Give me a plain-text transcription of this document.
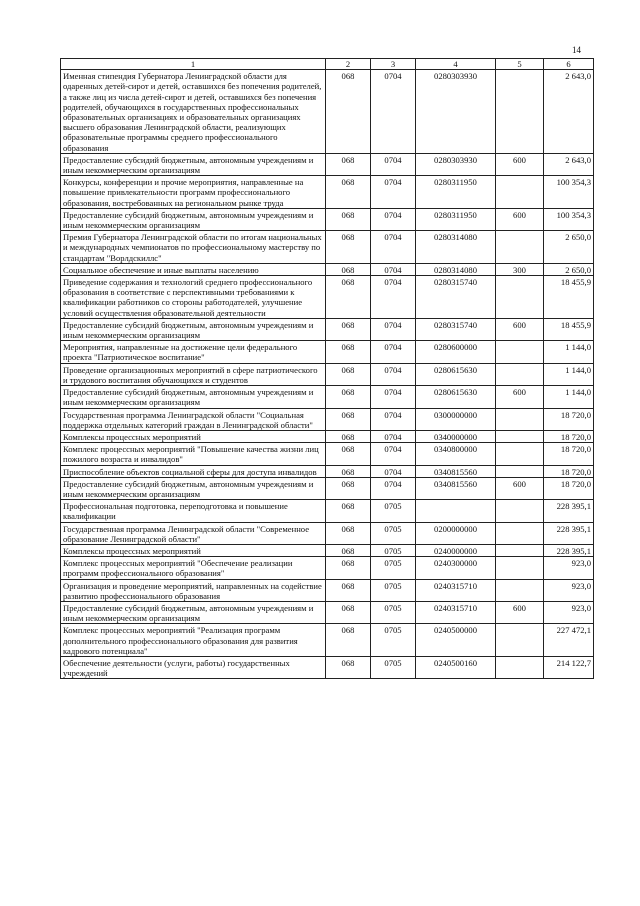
14
1	2	3	4	5	6
Именная стипендия Губернатора Ленинградской области для одаренных детей-сирот и детей, оставшихся без попечения родителей, а также лиц из числа детей-сирот и детей, оставшихся без попечения родителей, обучающихся в государственных профессиональных образовательных организациях и образовательных организациях высшего образования Ленинградской области, реализующих образовательные программы среднего профессионального образования	068	0704	0280303930		2 643,0
Предоставление субсидий бюджетным, автономным учреждениям и иным некоммерческим организациям	068	0704	0280303930	600	2 643,0
Конкурсы, конференции и прочие мероприятия, направленные на повышение привлекательности программ профессионального образования, востребованных на региональном рынке труда	068	0704	0280311950		100 354,3
Предоставление субсидий бюджетным, автономным учреждениям и иным некоммерческим организациям	068	0704	0280311950	600	100 354,3
Премия Губернатора Ленинградской области по итогам национальных и международных чемпионатов по профессиональному мастерству по стандартам "Ворлдскиллс"	068	0704	0280314080		2 650,0
Социальное обеспечение и иные выплаты населению	068	0704	0280314080	300	2 650,0
Приведение содержания и технологий среднего профессионального образования в соответствие с перспективными требованиями к квалификации работников со стороны работодателей, улучшение условий осуществления образовательной деятельности	068	0704	0280315740		18 455,9
Предоставление субсидий бюджетным, автономным учреждениям и иным некоммерческим организациям	068	0704	0280315740	600	18 455,9
Мероприятия, направленные на достижение цели федерального проекта "Патриотическое воспитание"	068	0704	0280600000		1 144,0
Проведение организационных мероприятий в сфере патриотического и трудового воспитания обучающихся и студентов	068	0704	0280615630		1 144,0
Предоставление субсидий бюджетным, автономным учреждениям и иным некоммерческим организациям	068	0704	0280615630	600	1 144,0
Государственная программа Ленинградской области "Социальная поддержка отдельных категорий граждан в Ленинградской области"	068	0704	0300000000		18 720,0
Комплексы процессных мероприятий	068	0704	0340000000		18 720,0
Комплекс процессных мероприятий "Повышение качества жизни лиц пожилого возраста и инвалидов"	068	0704	0340800000		18 720,0
Приспособление объектов социальной сферы для доступа инвалидов	068	0704	0340815560		18 720,0
Предоставление субсидий бюджетным, автономным учреждениям и иным некоммерческим организациям	068	0704	0340815560	600	18 720,0
Профессиональная подготовка, переподготовка и повышение квалификации	068	0705			228 395,1
Государственная программа Ленинградской области "Современное образование Ленинградской области"	068	0705	0200000000		228 395,1
Комплексы процессных мероприятий	068	0705	0240000000		228 395,1
Комплекс процессных мероприятий "Обеспечение реализации программ профессионального образования"	068	0705	0240300000		923,0
Организация и проведение мероприятий, направленных на содействие развитию профессионального образования	068	0705	0240315710		923,0
Предоставление субсидий бюджетным, автономным учреждениям и иным некоммерческим организациям	068	0705	0240315710	600	923,0
Комплекс процессных мероприятий "Реализация программ дополнительного профессионального образования для развития кадрового потенциала"	068	0705	0240500000		227 472,1
Обеспечение деятельности (услуги, работы) государственных учреждений	068	0705	0240500160		214 122,7
